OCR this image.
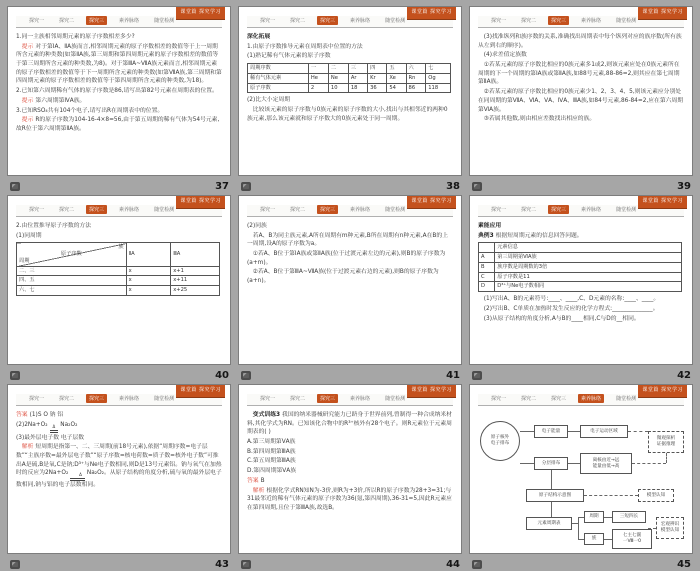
探究一	探究二	探究三	素养脉络	随堂检测
课堂篇 探究学习
1.同一主族相邻周期元素的原子序数相差多少?
提示 对于第ⅠA、ⅡA族而言,相邻周期元素的原子序数相差的数值等于上一周期所含元素的种类数(如第ⅡA族,第三周期和第四周期元素的原子序数相差的数值等于第三周期所含元素的种类数,为8)。对于第ⅢA~ⅦA族元素而言,相邻周期元素的原子序数相差的数值等于下一周期所含元素的种类数(如第ⅦA族,第三周期和第四周期元素的原子序数相差的数值等于第四周期所含元素的种类数,为18)。
2.已知第六周期稀有气体的原子序数是86,请写出第82号元素在周期表的位置。
提示 第六周期第ⅣA族。
3.已知RSO₄共有104个电子,请写出R在周期表中的位置。
提示 R的原子序数为104-16-4×8=56,由于第五周期的稀有气体为54号元素,故R位于第六周期第ⅡA族。
37
探究一	探究二	探究三	素养脉络	随堂检测
课堂篇 探究学习
深化拓展
1.由原子序数推导元素在周期表中位置的方法
(1)熟记稀有气体元素的原子序数
周期序数	一	二	三	四	五	六	七
稀有气体元素	He	Ne	Ar	Kr	Xe	Rn	Og
原子序数	2	10	18	36	54	86	118
(2)比大小定周期
比较该元素的原子序数与0族元素的原子序数的大小,找出与其相邻近的两种0族元素,那么该元素就和原子序数大的0族元素处于同一周期。
38
探究一	探究二	探究三	素养脉络	随堂检测
课堂篇 探究学习
(3)找准纵列和族序数的关系,准确找出周期表中每个纵列对应的族序数(所有族从左到右的顺序)。
(4)求差值定族数
①若某元素的原子序数比相应的0族元素多1或2,则该元素应处在0族元素所在周期的下一个周期的第ⅠA族或第ⅡA族,如88号元素,88-86=2,则其应在第七周期第ⅡA族。
②若某元素的原子序数比相应的0族元素少1、2、3、4、5,则该元素应分别处在同周期的第ⅦA、ⅥA、ⅤA、ⅣA、ⅢA族,如84号元素,86-84=2,应在第六周期第ⅥA族。
③若属其他数,则由相应差数找出相应的族。
39
探究一	探究二	探究三	素养脉络	随堂检测
课堂篇 探究学习
2.由位置推导原子序数的方法
(1)同周期
族
原子序数
周期	ⅡA	ⅢA
二、三	x	x+1
四、五	x	x+11
六、七	x	x+25
40
探究一	探究二	探究三	素养脉络	随堂检测
课堂篇 探究学习
(2)同族
若A、B为同主族元素,A所在周期有m种元素,B所在周期有n种元素,A在B的上一周期,设A的原子序数为a。
①若A、B位于第ⅠA族或第ⅡA族(位于过渡元素左边的元素),则B的原子序数为(a+m)。
②若A、B位于第ⅢA~ⅦA族(位于过渡元素右边的元素),则B的原子序数为(a+n)。
41
探究一	探究二	探究三	素养脉络	随堂检测
课堂篇 探究学习
素能应用
典例3 根据短周期元素的信息回答问题。
	元素信息
A	第三周期第ⅥA族
B	族序数是周期数的3倍
C	原子序数是11
D	D³⁺与Ne电子数相同
(1)写出A、B的元素符号:____、____,C、D元素的名称:____、____。
(2)写出B、C单质在加热时发生反应的化学方程式:______________。
(3)从原子结构的角度分析,A与B的____相同,C与D的__相同。
42
探究一	探究二	探究三	素养脉络	随堂检测
课堂篇 探究学习
答案 (1)S O 钠 铝
(2)2Na+O₂ Δ Na₂O₂
(3)最外层电子数 电子层数
解析 短周期是指第一、二、三周期(前18号元素),依据“周期序数=电子层数”“主族序数=最外层电子数”“原子序数=核电荷数=质子数=核外电子数”可推出A是硫,B是氧,C是钠;D³⁺与Ne电子数相同,则D是13号元素铝。钠与氧气在加热时的反应为2Na+O₂	Δ Na₂O₂。从原子结构的角度分析,硫与氧的最外层电子数相同,钠与铝的电子层数相同。
43
探究一	探究二	探究三	素养脉络	随堂检测
课堂篇 探究学习
变式训练3 我国的纳米器械研究能力已跻身于世界前列,曾制得一种合成纳米材料,其化学式为RN。已知该化合物中的R³⁺核外有28个电子。则R元素位于元素周期表的( )
A.第三周期第ⅤA族
B.第四周期第ⅢA族
C.第五周期第ⅢA族
D.第四周期第ⅤA族
答案 B
解析 根据化学式RN知N为-3价,则R为+3价,所以R的原子序数为28+3=31;与31最邻近的稀有气体元素的原子序数为36(氪,第四周期),36-31=5,因此R元素应在第四周期,且位于第ⅢA族,故选B。
44
探究一	探究二	探究三	素养脉络	随堂检测
课堂篇 探究学习
原子核外
电子排布
电子能量	电子运动区域
微观探析
证据推理
分层排布
离核由近→远
能量由低→高
原子结构示意图	模型认知
元素周期表
周期	三短四长
族
七主七副
一Ⅷ一0
宏观辨识
模型认知
45
